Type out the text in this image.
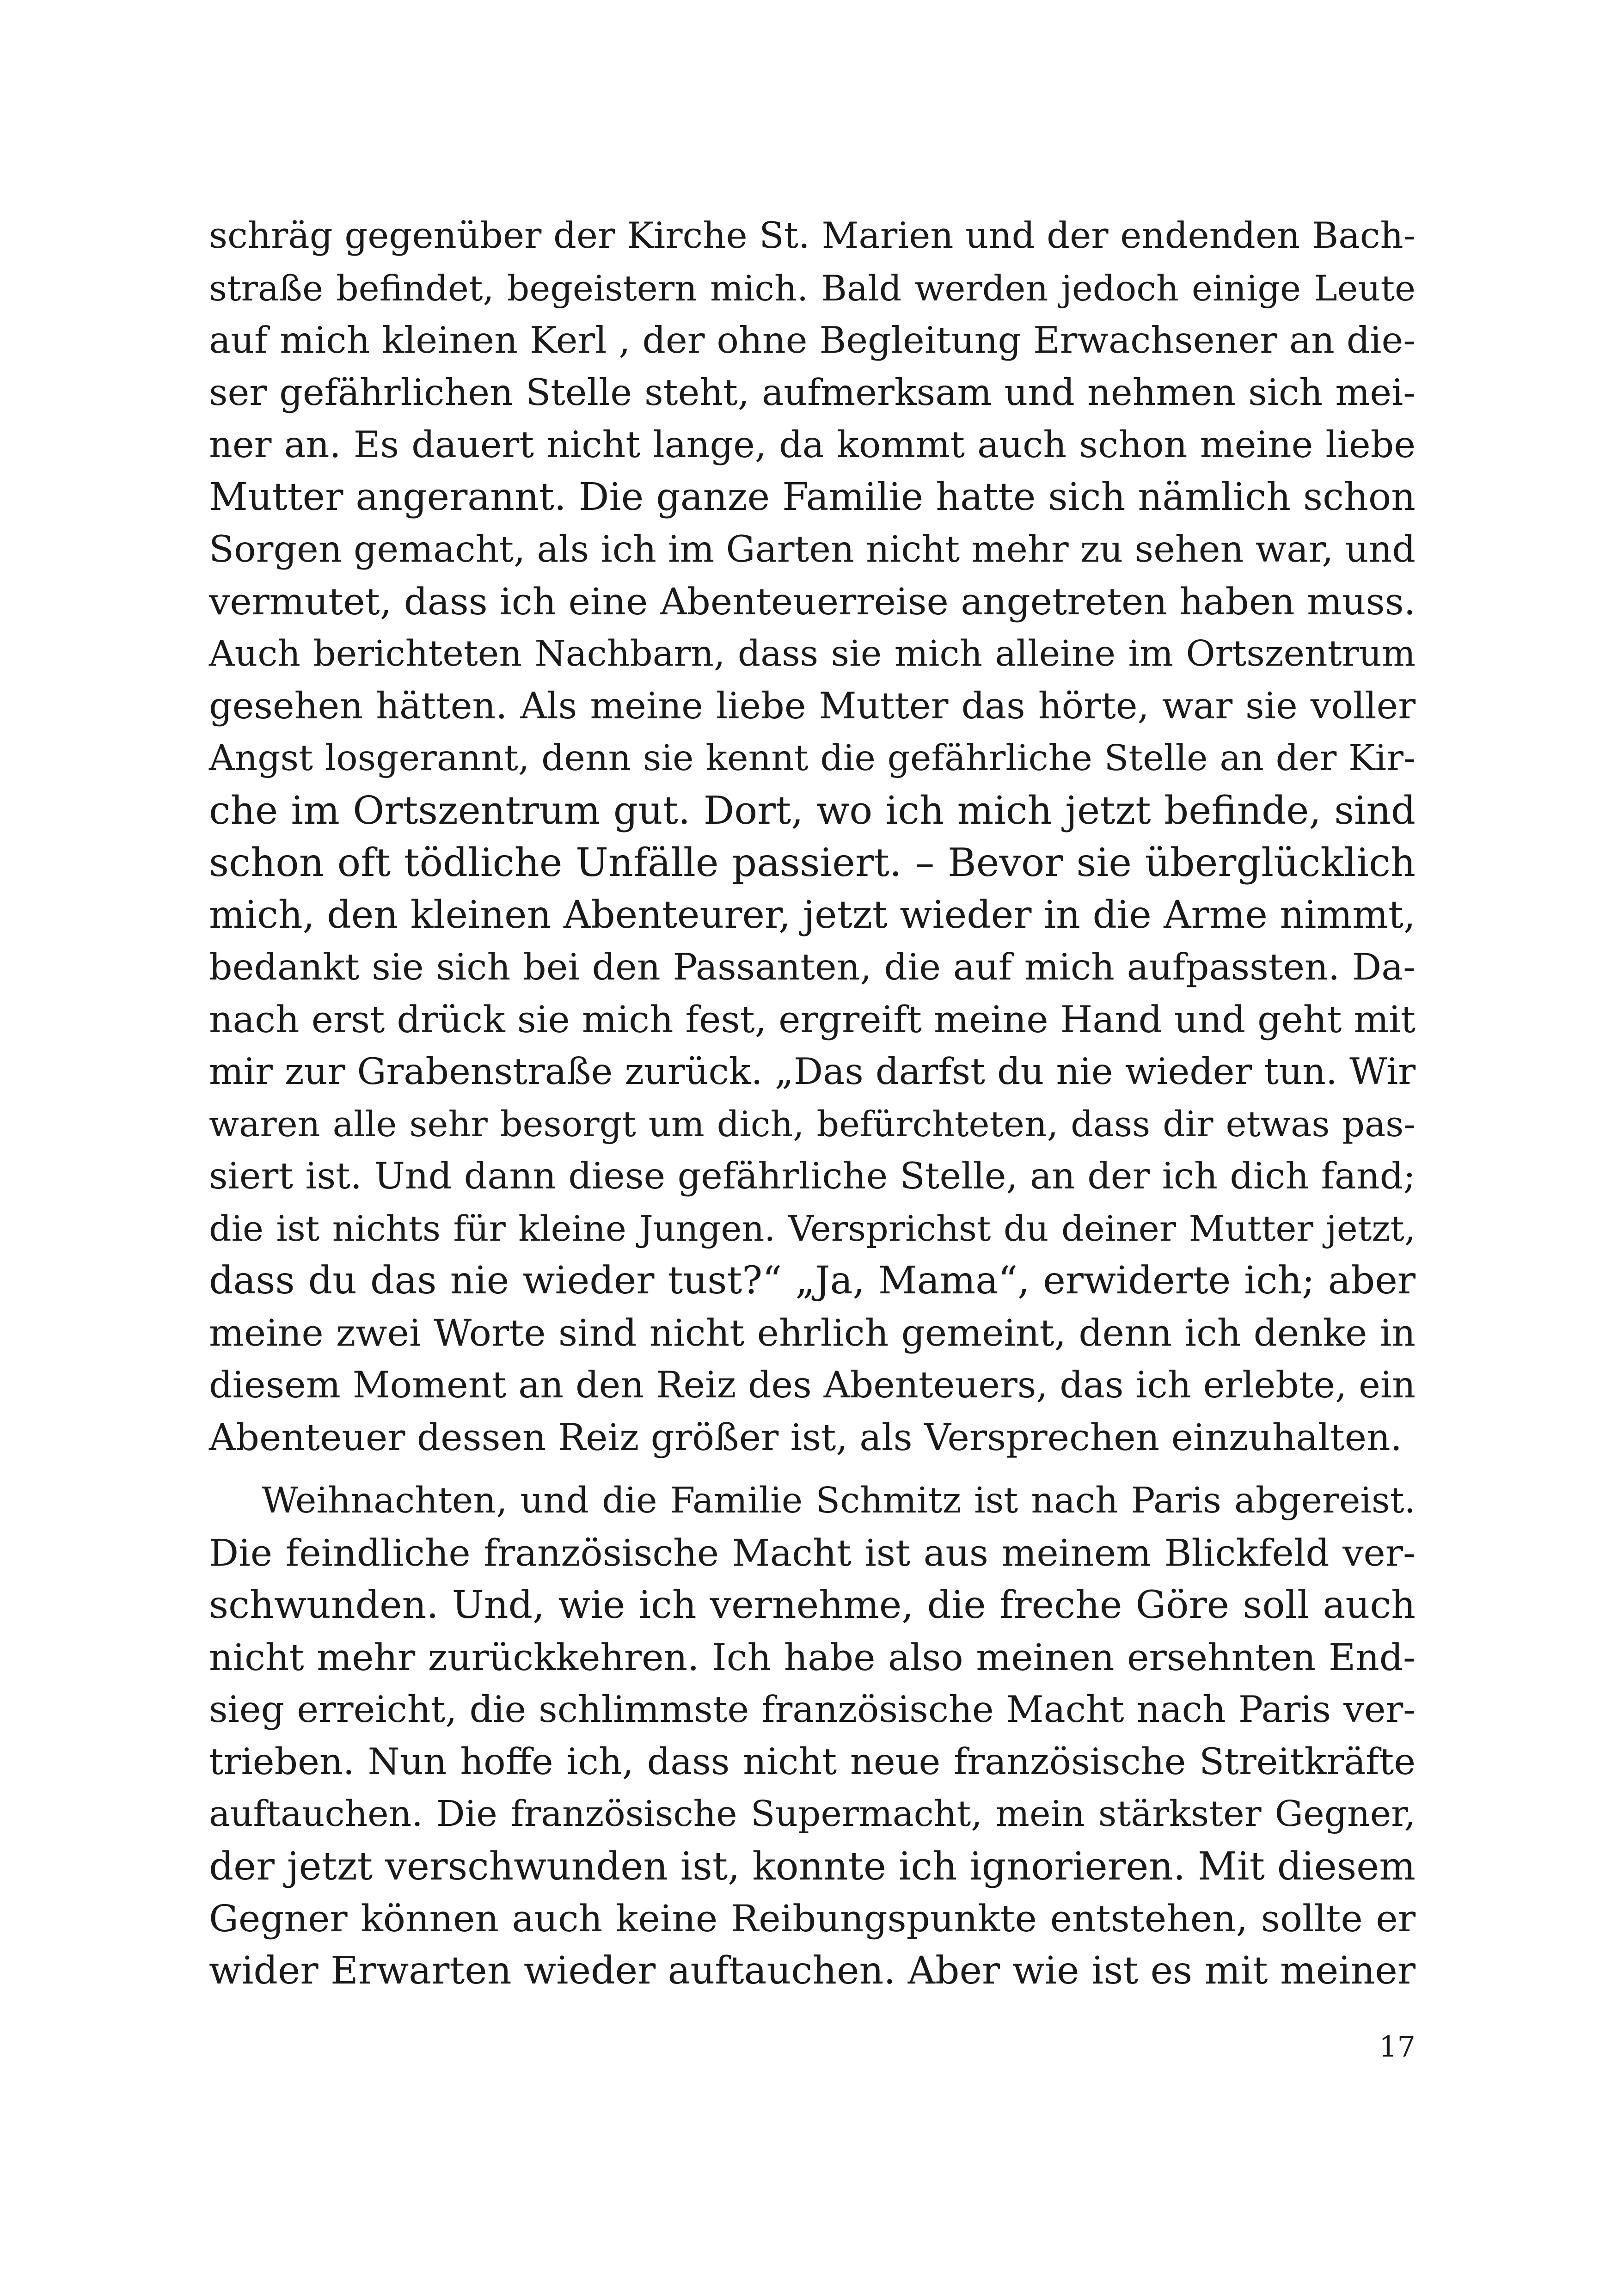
schräg gegenüber der Kirche St. Marien und der endenden Bach-
straße befindet, begeistern mich. Bald werden jedoch einige Leute
auf mich kleinen Kerl , der ohne Begleitung Erwachsener an die-
ser gefährlichen Stelle steht, aufmerksam und nehmen sich mei-
ner an. Es dauert nicht lange, da kommt auch schon meine liebe
Mutter angerannt. Die ganze Familie hatte sich nämlich schon
Sorgen gemacht, als ich im Garten nicht mehr zu sehen war, und
vermutet, dass ich eine Abenteuerreise angetreten haben muss.
Auch berichteten Nachbarn, dass sie mich alleine im Ortszentrum
gesehen hätten. Als meine liebe Mutter das hörte, war sie voller
Angst losgerannt, denn sie kennt die gefährliche Stelle an der Kir-
che im Ortszentrum gut. Dort, wo ich mich jetzt befinde, sind
schon oft tödliche Unfälle passiert. – Bevor sie überglücklich
mich, den kleinen Abenteurer, jetzt wieder in die Arme nimmt,
bedankt sie sich bei den Passanten, die auf mich aufpassten. Da-
nach erst drück sie mich fest, ergreift meine Hand und geht mit
mir zur Grabenstraße zurück. „Das darfst du nie wieder tun. Wir
waren alle sehr besorgt um dich, befürchteten, dass dir etwas pas-
siert ist. Und dann diese gefährliche Stelle, an der ich dich fand;
die ist nichts für kleine Jungen. Versprichst du deiner Mutter jetzt,
dass du das nie wieder tust?“ „Ja, Mama“, erwiderte ich; aber
meine zwei Worte sind nicht ehrlich gemeint, denn ich denke in
diesem Moment an den Reiz des Abenteuers, das ich erlebte, ein
Abenteuer dessen Reiz größer ist, als Versprechen einzuhalten.
Weihnachten, und die Familie Schmitz ist nach Paris abgereist.
Die feindliche französische Macht ist aus meinem Blickfeld ver-
schwunden. Und, wie ich vernehme, die freche Göre soll auch
nicht mehr zurückkehren. Ich habe also meinen ersehnten End-
sieg erreicht, die schlimmste französische Macht nach Paris ver-
trieben. Nun hoffe ich, dass nicht neue französische Streitkräfte
auftauchen. Die französische Supermacht, mein stärkster Gegner,
der jetzt verschwunden ist, konnte ich ignorieren. Mit diesem
Gegner können auch keine Reibungspunkte entstehen, sollte er
wider Erwarten wieder auftauchen. Aber wie ist es mit meiner
17
